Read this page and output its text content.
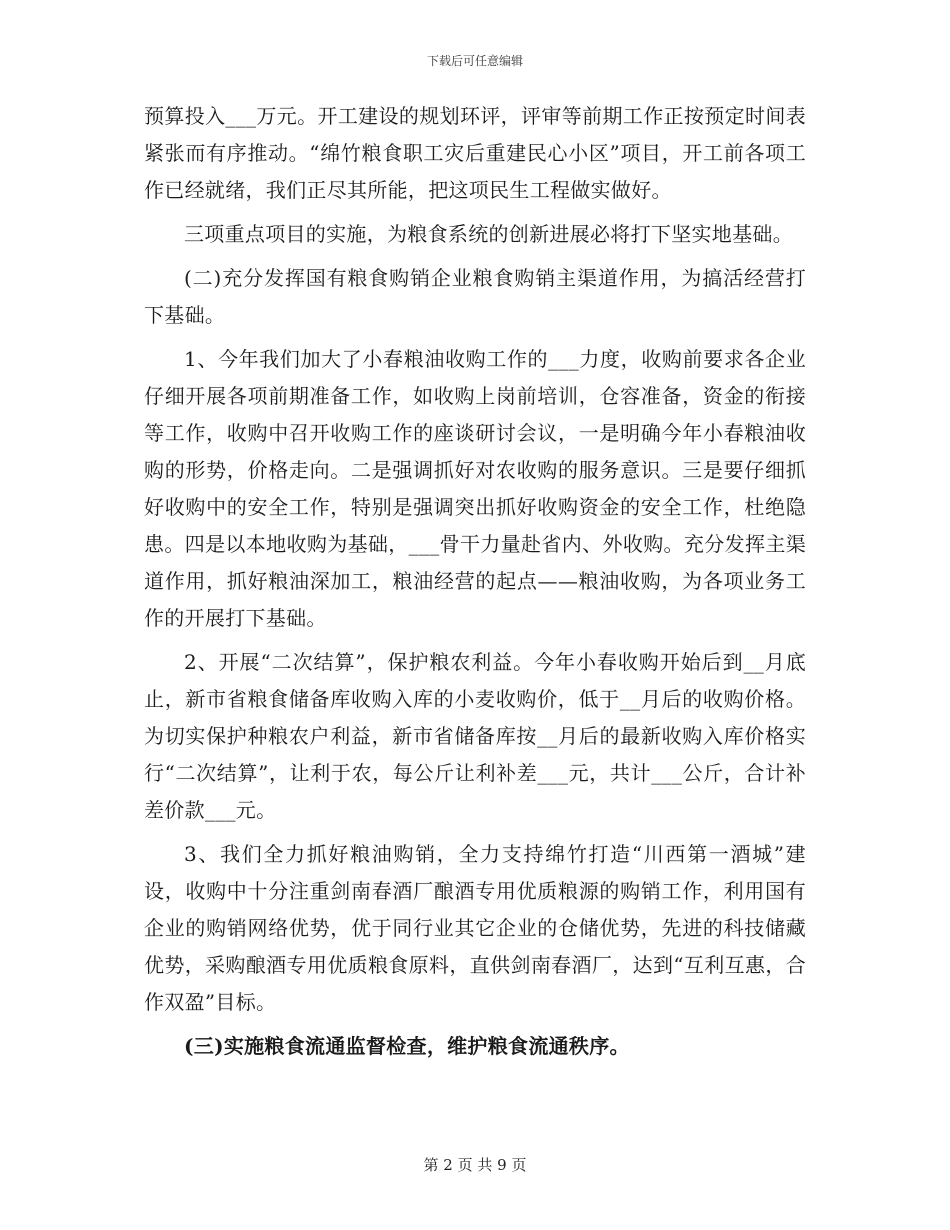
下载后可任意编辑

预算投入___万元。开工建设的规划环评，评审等前期工作正按预定时间表紧张而有序推动。“绵竹粮食职工灾后重建民心小区”项目，开工前各项工作已经就绪，我们正尽其所能，把这项民生工程做实做好。

三项重点项目的实施，为粮食系统的创新进展必将打下坚实地基础。

(二)充分发挥国有粮食购销企业粮食购销主渠道作用，为搞活经营打下基础。

1、今年我们加大了小春粮油收购工作的___力度，收购前要求各企业仔细开展各项前期准备工作，如收购上岗前培训，仓容准备，资金的衔接等工作，收购中召开收购工作的座谈研讨会议，一是明确今年小春粮油收购的形势，价格走向。二是强调抓好对农收购的服务意识。三是要仔细抓好收购中的安全工作，特别是强调突出抓好收购资金的安全工作，杜绝隐患。四是以本地收购为基础，___骨干力量赴省内、外收购。充分发挥主渠道作用，抓好粮油深加工，粮油经营的起点——粮油收购，为各项业务工作的开展打下基础。

2、开展“二次结算”，保护粮农利益。今年小春收购开始后到__月底止，新市省粮食储备库收购入库的小麦收购价，低于__月后的收购价格。为切实保护种粮农户利益，新市省储备库按__月后的最新收购入库价格实行“二次结算”，让利于农，每公斤让利补差___元，共计___公斤，合计补差价款___元。

3、我们全力抓好粮油购销，全力支持绵竹打造“川西第一酒城”建设，收购中十分注重剑南春酒厂酿酒专用优质粮源的购销工作，利用国有企业的购销网络优势，优于同行业其它企业的仓储优势，先进的科技储藏优势，采购酿酒专用优质粮食原料，直供剑南春酒厂，达到“互利互惠，合作双盈”目标。

(三)实施粮食流通监督检查，维护粮食流通秩序。

第 2 页 共 9 页
